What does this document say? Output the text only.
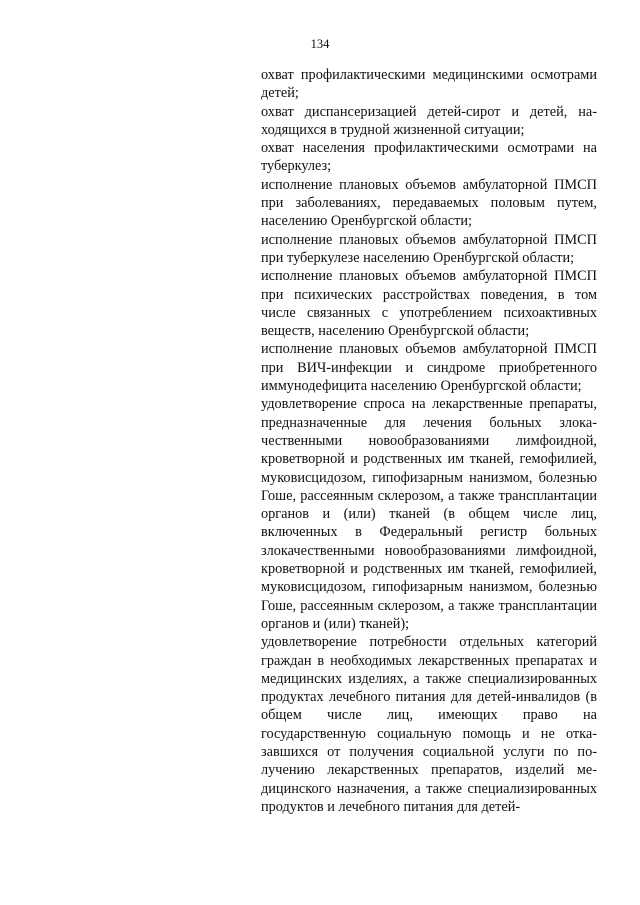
134

охват профилактическими медицинскими осмотрами детей;

охват диспансеризацией детей-сирот и детей, находящихся в трудной жизненной ситуации;

охват населения профилактическими осмотрами на туберкулез;

исполнение плановых объемов амбулаторной ПМСП при заболеваниях, передаваемых половым путем, населению Оренбургской области;

исполнение плановых объемов амбулаторной ПМСП при туберкулезе населению Оренбургской области;

исполнение плановых объемов амбулаторной ПМСП при психических расстройствах поведения, в том числе связанных с употреблением психоактивных веществ, населению Оренбургской области;

исполнение плановых объемов амбулаторной ПМСП при ВИЧ-инфекции и синдроме приобретенного иммунодефицита населению Оренбургской области;

удовлетворение спроса на лекарственные препараты, предназначенные для лечения больных злокачественными новообразованиями лимфоидной, кроветворной и родственных им тканей, гемофилией, муковисцидозом, гипофизарным нанизмом, болезнью Гоше, рассеянным склерозом, а также трансплантации органов и (или) тканей (в общем числе лиц, включенных в Федеральный регистр больных злокачественными новообразованиями лимфоидной, кроветворной и родственных им тканей, гемофилией, муковисцидозом, гипофизарным нанизмом, болезнью Гоше, рассеянным склерозом, а также трансплантации органов и (или) тканей);

удовлетворение потребности отдельных категорий граждан в необходимых лекарственных препаратах и медицинских изделиях, а также специализированных продуктах лечебного питания для детей-инвалидов (в общем числе лиц, имеющих право на государственную социальную помощь и не отказавшихся от получения социальной услуги по получению лекарственных препаратов, изделий медицинского назначения, а также специализированных продуктов и лечебного питания для детей-
